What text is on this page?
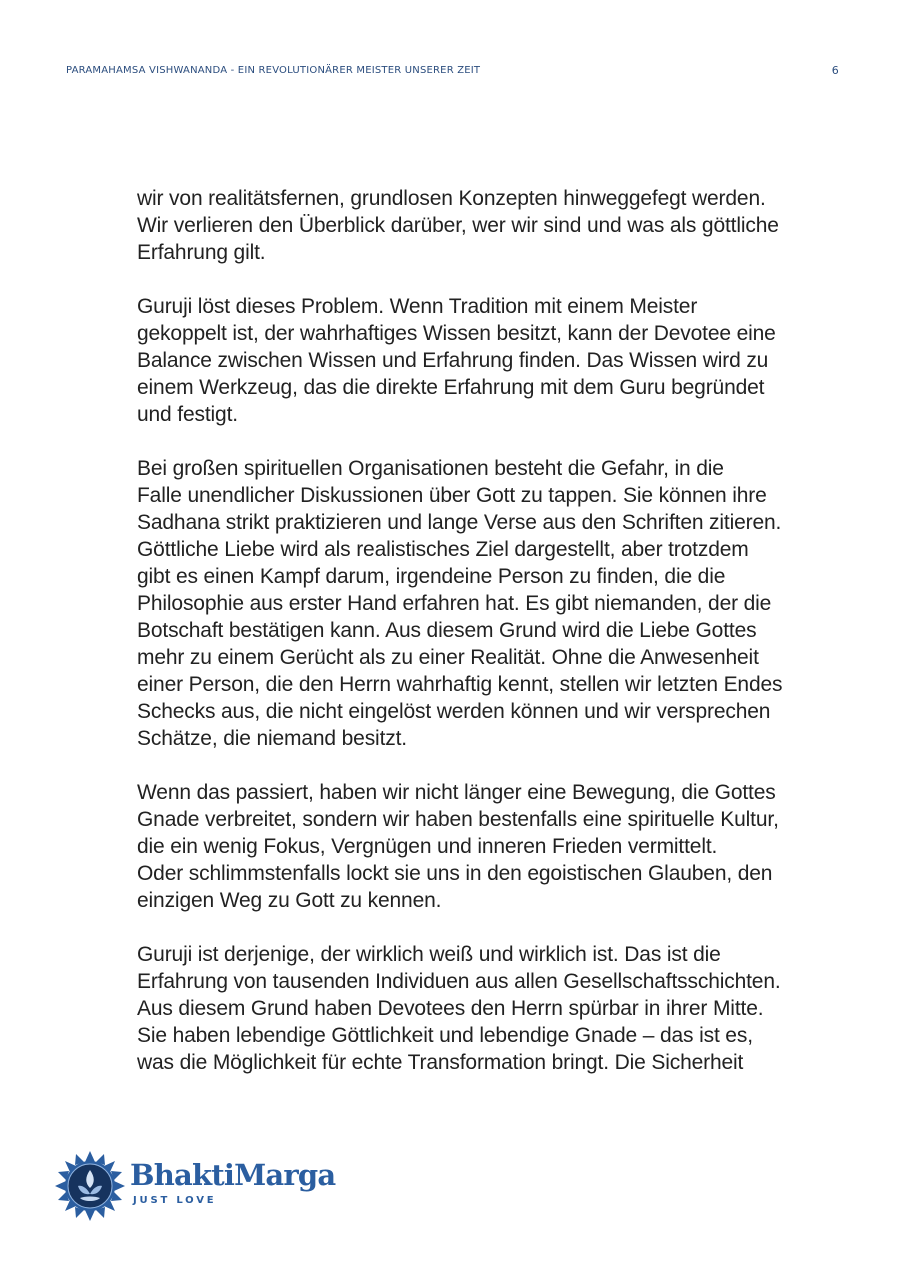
PARAMAHAMSA VISHWANANDA - EIN REVOLUTIONÄRER MEISTER UNSERER ZEIT	6

wir von realitätsfernen, grundlosen Konzepten hinweggefegt werden.
Wir verlieren den Überblick darüber, wer wir sind und was als göttliche
Erfahrung gilt.

Guruji löst dieses Problem. Wenn Tradition mit einem Meister
gekoppelt ist, der wahrhaftiges Wissen besitzt, kann der Devotee eine
Balance zwischen Wissen und Erfahrung finden. Das Wissen wird zu
einem Werkzeug, das die direkte Erfahrung mit dem Guru begründet
und festigt.

Bei großen spirituellen Organisationen besteht die Gefahr, in die
Falle unendlicher Diskussionen über Gott zu tappen. Sie können ihre
Sadhana strikt praktizieren und lange Verse aus den Schriften zitieren.
Göttliche Liebe wird als realistisches Ziel dargestellt, aber trotzdem
gibt es einen Kampf darum, irgendeine Person zu finden, die die
Philosophie aus erster Hand erfahren hat. Es gibt niemanden, der die
Botschaft bestätigen kann. Aus diesem Grund wird die Liebe Gottes
mehr zu einem Gerücht als zu einer Realität. Ohne die Anwesenheit
einer Person, die den Herrn wahrhaftig kennt, stellen wir letzten Endes
Schecks aus, die nicht eingelöst werden können und wir versprechen
Schätze, die niemand besitzt.

Wenn das passiert, haben wir nicht länger eine Bewegung, die Gottes
Gnade verbreitet, sondern wir haben bestenfalls eine spirituelle Kultur,
die ein wenig Fokus, Vergnügen und inneren Frieden vermittelt.
Oder schlimmstenfalls lockt sie uns in den egoistischen Glauben, den
einzigen Weg zu Gott zu kennen.

Guruji ist derjenige, der wirklich weiß und wirklich ist. Das ist die
Erfahrung von tausenden Individuen aus allen Gesellschaftsschichten.
Aus diesem Grund haben Devotees den Herrn spürbar in ihrer Mitte.
Sie haben lebendige Göttlichkeit und lebendige Gnade – das ist es,
was die Möglichkeit für echte Transformation bringt. Die Sicherheit

BhaktiMarga
JUST LOVE
